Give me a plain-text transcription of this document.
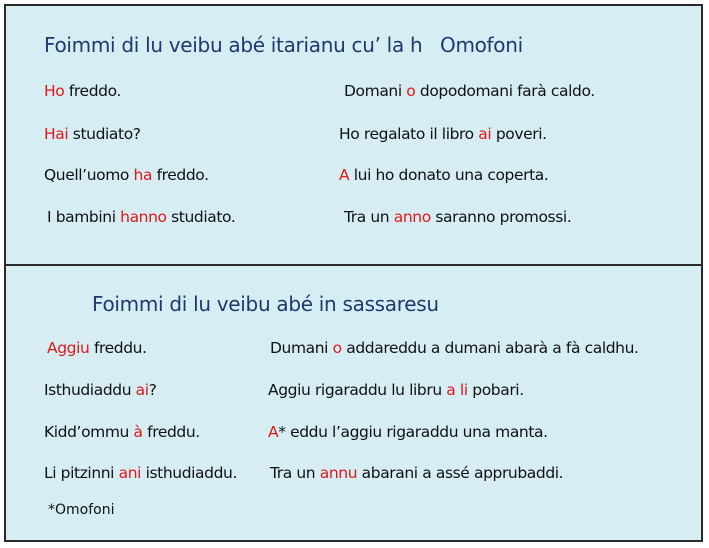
Foimmi di lu veibu abé itarianu cu’ la h Omofoni
Ho freddo.
Hai studiato?
Quell’uomo ha freddo.
I bambini hanno studiato.
Domani o dopodomani farà caldo.
Ho regalato il libro ai poveri.
A lui ho donato una coperta.
Tra un anno saranno promossi.
Foimmi di lu veibu abé in sassaresu
Aggiu freddu.
Isthudiaddu ai?
Kidd’ommu à freddu.
Li pitzinni ani isthudiaddu.
Dumani o addareddu a dumani abarà a fà caldhu.
Aggiu rigaraddu lu libru a li pobari.
A* eddu l’aggiu rigaraddu una manta.
Tra un annu abarani a assé apprubaddi.
*Omofoni
